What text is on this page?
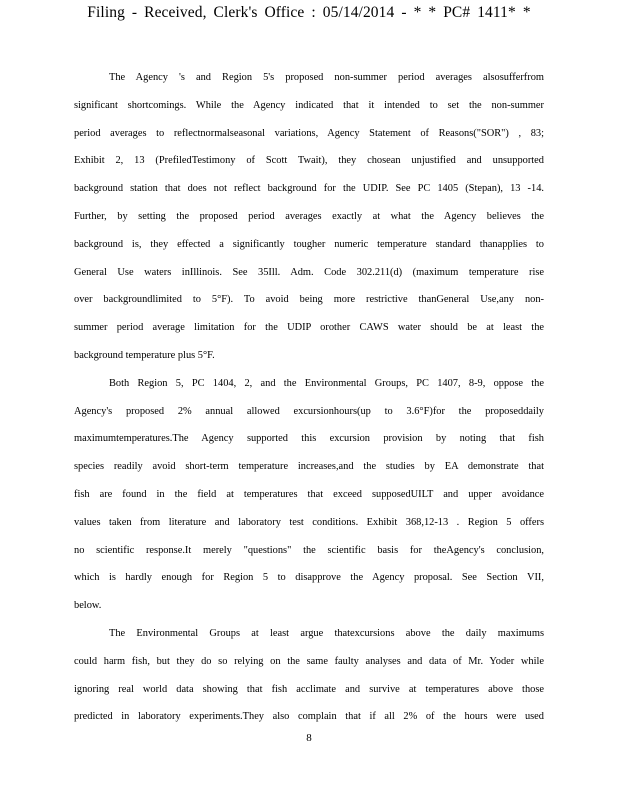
Filing - Received, Clerk's Office : 05/14/2014 - * * PC# 1411* *
The Agency 's and Region 5's proposed non-summer period averages alsosufferfrom
significant shortcomings. While the Agency indicated that it intended to set the non-summer
period averages to reflectnormalseasonal variations, Agency Statement of Reasons("SOR") , 83;
Exhibit 2, 13 (PrefiledTestimony of Scott Twait), they chosean unjustified and unsupported
background station that does not reflect background for the UDIP. See PC 1405 (Stepan), 13 -14.
Further, by setting the proposed period averages exactly at what the Agency believes the
background is, they effected a significantly tougher numeric temperature standard thanapplies to
General Use waters inIllinois. See 35Ill. Adm. Code 302.211(d) (maximum temperature rise
over backgroundlimited to 5°F). To avoid being more restrictive thanGeneral Use,any non-
summer period average limitation for the UDIP orother CAWS water should be at least the
background temperature plus 5°F.
Both Region 5, PC 1404, 2, and the Environmental Groups, PC 1407, 8-9, oppose the
Agency's proposed 2% annual allowed excursionhours(up to 3.6°F)for the proposeddaily
maximumtemperatures.The Agency supported this excursion provision by noting that fish
species readily avoid short-term temperature increases,and the studies by EA demonstrate that
fish are found in the field at temperatures that exceed supposedUILT and upper avoidance
values taken from literature and laboratory test conditions. Exhibit 368,12-13 . Region 5 offers
no scientific response.It merely "questions" the scientific basis for theAgency's conclusion,
which is hardly enough for Region 5 to disapprove the Agency proposal. See Section VII,
below.
The Environmental Groups at least argue thatexcursions above the daily maximums
could harm fish, but they do so relying on the same faulty analyses and data of Mr. Yoder while
ignoring real world data showing that fish acclimate and survive at temperatures above those
predicted in laboratory experiments.They also complain that if all 2% of the hours were used
8
